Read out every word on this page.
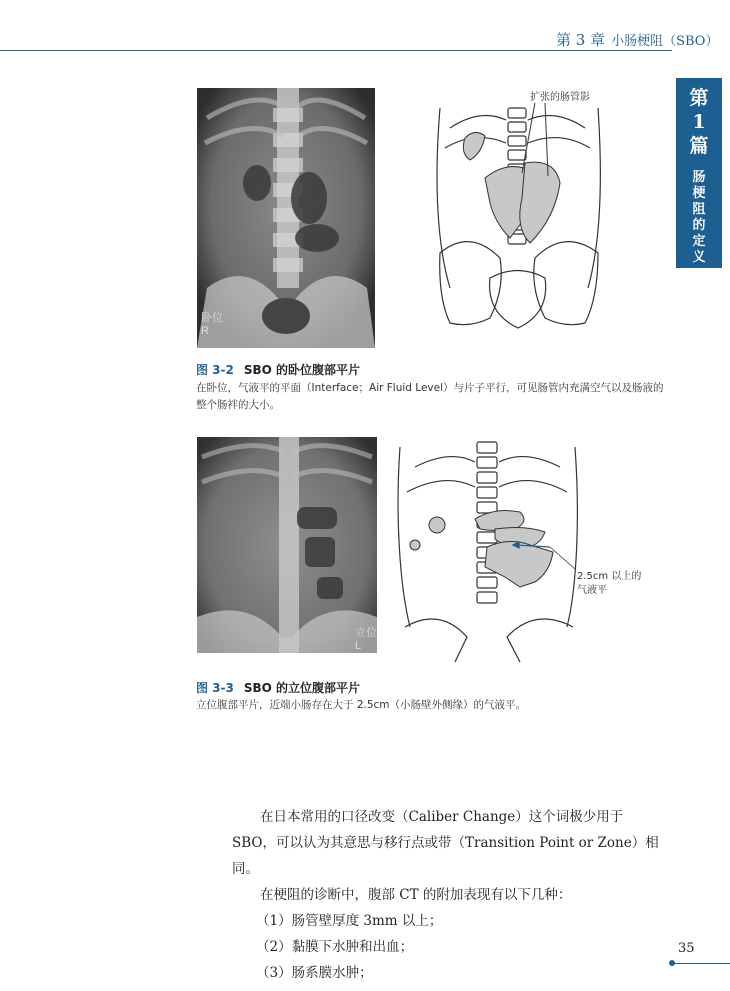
第 3 章 小肠梗阻（SBO）
第
1
篇
肠
梗
阻
的
定
义
卧位
R
扩张的肠管影
图 3-2 SBO 的卧位腹部平片
在卧位，气液平的平面（Interface；Air Fluid Level）与片子平行，可见肠管内充满空气以及肠液的整个肠袢的大小。
立位
L
2.5cm 以上的气液平
图 3-3 SBO 的立位腹部平片
立位腹部平片，近端小肠存在大于 2.5cm（小肠壁外侧缘）的气液平。

在日本常用的口径改变（Caliber Change）这个词极少用于 SBO，可以认为其意思与移行点或带（Transition Point or Zone）相同。

在梗阻的诊断中，腹部 CT 的附加表现有以下几种：

（1）肠管壁厚度 3mm 以上；

（2）黏膜下水肿和出血；

（3）肠系膜水肿；

35
